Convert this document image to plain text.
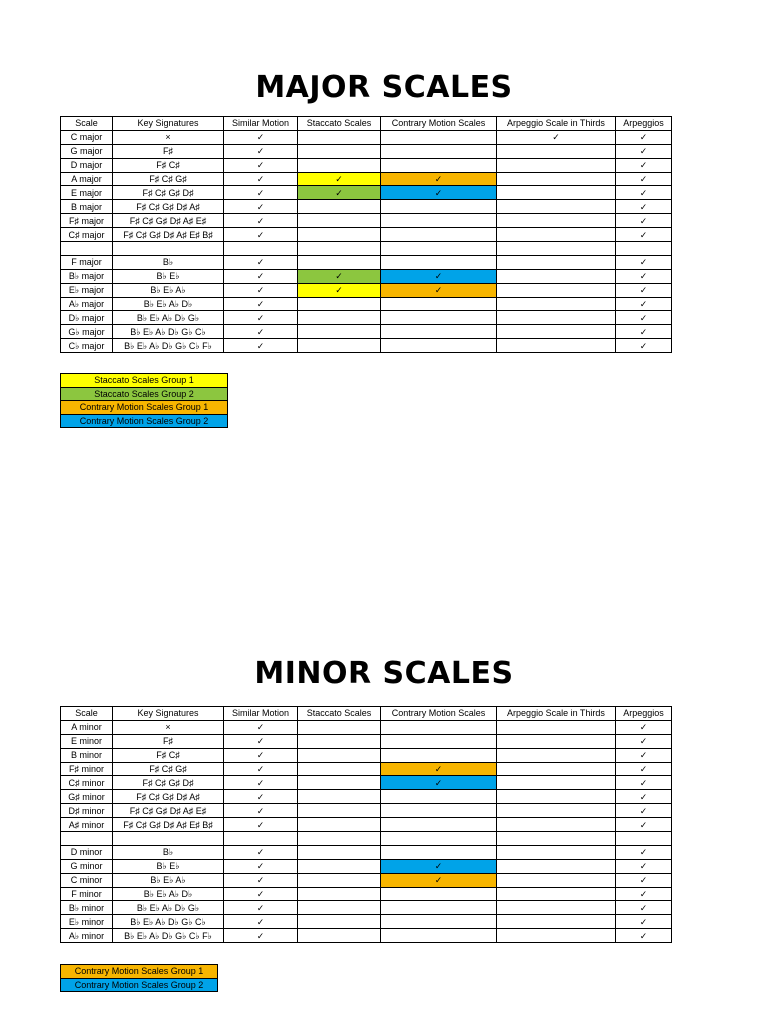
MAJOR SCALES
Scale	Key Signatures	Similar Motion	Staccato Scales	Contrary Motion Scales	Arpeggio Scale in Thirds	Arpeggios
C major	×	✓			✓	✓
G major	F♯	✓				✓
D major	F♯ C♯	✓				✓
A major	F♯ C♯ G♯	✓	✓	✓		✓
E major	F♯ C♯ G♯ D♯	✓	✓	✓		✓
B major	F♯ C♯ G♯ D♯ A♯	✓				✓
F♯ major	F♯ C♯ G♯ D♯ A♯ E♯	✓				✓
C♯ major	F♯ C♯ G♯ D♯ A♯ E♯ B♯	✓				✓

F major	B♭	✓				✓
B♭ major	B♭ E♭	✓	✓	✓		✓
E♭ major	B♭ E♭ A♭	✓	✓	✓		✓
A♭ major	B♭ E♭ A♭ D♭	✓				✓
D♭ major	B♭ E♭ A♭ D♭ G♭	✓				✓
G♭ major	B♭ E♭ A♭ D♭ G♭ C♭	✓				✓
C♭ major	B♭ E♭ A♭ D♭ G♭ C♭ F♭	✓				✓
Staccato Scales Group 1
Staccato Scales Group 2
Contrary Motion Scales Group 1
Contrary Motion Scales Group 2
MINOR SCALES
Scale	Key Signatures	Similar Motion	Staccato Scales	Contrary Motion Scales	Arpeggio Scale in Thirds	Arpeggios
A minor	×	✓				✓
E minor	F♯	✓				✓
B minor	F♯ C♯	✓				✓
F♯ minor	F♯ C♯ G♯	✓		✓		✓
C♯ minor	F♯ C♯ G♯ D♯	✓		✓		✓
G♯ minor	F♯ C♯ G♯ D♯ A♯	✓				✓
D♯ minor	F♯ C♯ G♯ D♯ A♯ E♯	✓				✓
A♯ minor	F♯ C♯ G♯ D♯ A♯ E♯ B♯	✓				✓

D minor	B♭	✓				✓
G minor	B♭ E♭	✓		✓		✓
C minor	B♭ E♭ A♭	✓		✓		✓
F minor	B♭ E♭ A♭ D♭	✓				✓
B♭ minor	B♭ E♭ A♭ D♭ G♭	✓				✓
E♭ minor	B♭ E♭ A♭ D♭ G♭ C♭	✓				✓
A♭ minor	B♭ E♭ A♭ D♭ G♭ C♭ F♭	✓				✓
Contrary Motion Scales Group 1
Contrary Motion Scales Group 2
